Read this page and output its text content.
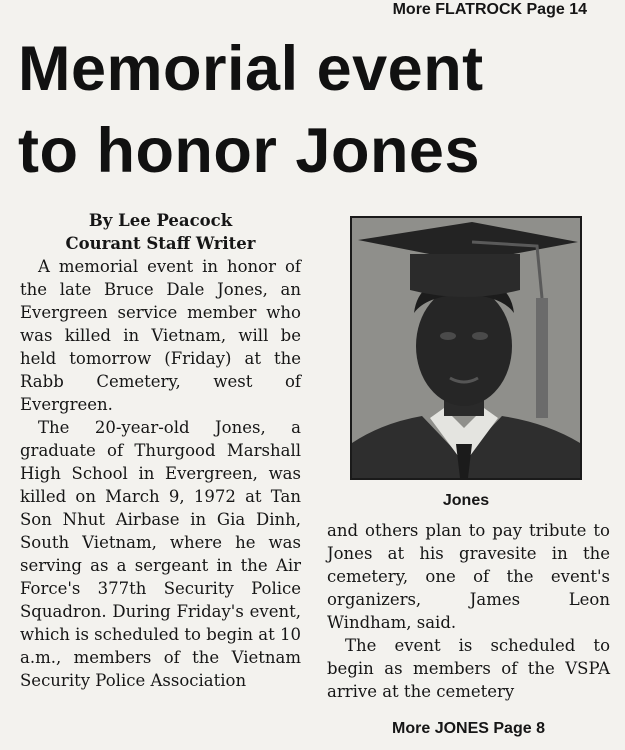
More FLATROCK Page 14

Memorial event
to honor Jones
By Lee Peacock
Courant Staff Writer

A memorial event in honor of the late Bruce Dale Jones, an Evergreen service member who was killed in Vietnam, will be held tomorrow (Friday) at the Rabb Cemetery, west of Evergreen.

The 20-year-old Jones, a graduate of Thurgood Marshall High School in Evergreen, was killed on March 9, 1972 at Tan Son Nhut Airbase in Gia Dinh, South Vietnam, where he was serving as a sergeant in the Air Force's 377th Security Police Squadron. During Friday's event, which is scheduled to begin at 10 a.m., members of the Vietnam Security Police Association

Jones

and others plan to pay tribute to Jones at his gravesite in the cemetery, one of the event's organizers, James Leon Windham, said.

The event is scheduled to begin as members of the VSPA arrive at the cemetery

More JONES Page 8
